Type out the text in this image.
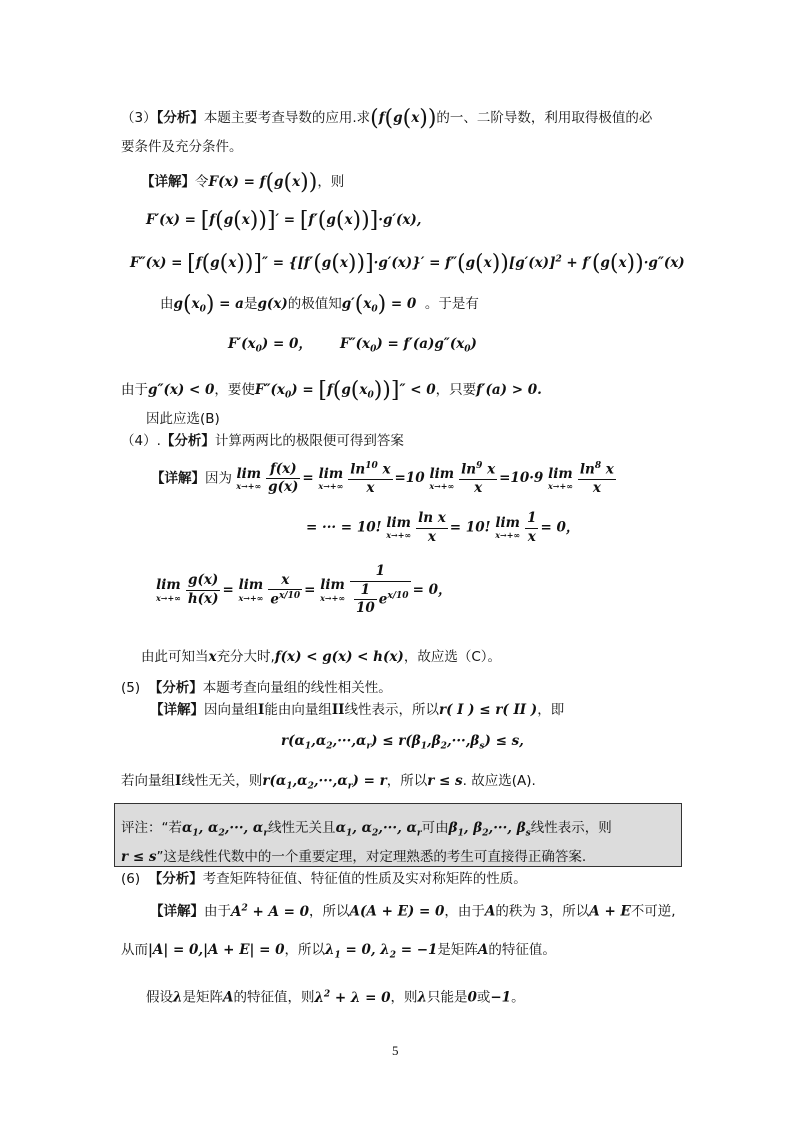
（3）【分析】本题主要考查导数的应用.求(f(g(x))的一、二阶导数，利用取得极值的必
要条件及充分条件。
【详解】令F(x) = f(g(x))，则
F′(x) = [f(g(x))]′ = [f′(g(x))]·g′(x),
$F''(x) = [f(g(x))]'' = \{[f'(g(x))]\cdot g'(x)\}' = f''(g(x))[g'(x)]^2 + f'(g(x))\cdot g''(x)$
由$g(x_0) = a$是g(x)的极值知$g'(x_0) = 0$ 。于是有
$F'(x_0) = 0$，      $F''(x_0) = f'(a)g''(x_0)$
由于g″(x) < 0，要使$F''(x_0) = [f(g(x_0))]'' < 0$，只要f′(a) > 0.
因此应选(B)
（4）.【分析】计算两两比的极限便可得到答案
【详解】因为 lim
$x\to+\infty \frac{f(x)}{g(x)} = \lim$
$x\to+\infty \frac{\ln^{10} x}{x} =10$ lim
$x\to+\infty \frac{\ln^9 x}{x} =10\cdot 9$ lim
$x\to+\infty \frac{\ln^8 x}{x}$
= ··· = 10! lim
$x\to+\infty \frac{\text{ln x}}{x} = 10$! lim
$x\to+\infty \frac{1}{x} = 0$，
lim
$x\to+\infty \frac{g(x)}{h(x)} = \lim$
$x\to+\infty \frac{x}{e^{x/10}} = \lim$
$x\to+\infty \frac{1}{\frac{1}{10} e^{x/10}} = 0$，
由此可知当x充分大时,f(x) < g(x) < h(x)，故应选（C）。
(5) 【分析】本题考查向量组的线性相关性。
【详解】因向量组I能由向量组II线性表示，所以r( I ) ≤ r( II )，即
$r(\alpha_1,\alpha_2,\cdot\cdot\cdot,\alpha_r) \le r(\beta_1,\beta_2,\cdot\cdot\cdot,\beta_s) \le s$,
若向量组I线性无关，则$r(\alpha_1,\alpha_2,\cdot\cdot\cdot,\alpha_r) = r$，所以r ≤ s. 故应选(A).
评注：“若$\alpha_1$, $\alpha_2,\cdot\cdot\cdot$, $\alpha_r$线性无关且$\alpha_1$, $\alpha_2,\cdot\cdot\cdot$, $\alpha_r$可由$\beta_1$, $\beta_2,\cdot\cdot\cdot$, $\beta_s$线性表示，则
r ≤ s”这是线性代数中的一个重要定理，对定理熟悉的考生可直接得正确答案.
(6) 【分析】考查矩阵特征值、特征值的性质及实对称矩阵的性质。
【详解】由于$A^2 + A = 0$，所以A(A + E) = 0，由于A的秩为 3，所以A + E不可逆,
从而|A| = 0,|A + E| = 0，所以$\lambda_1 = 0$, $\lambda_2 = -1$是矩阵A的特征值。
假设λ是矩阵A的特征值，则$\lambda^2 + \lambda = 0$，则λ只能是0或−1。
5
